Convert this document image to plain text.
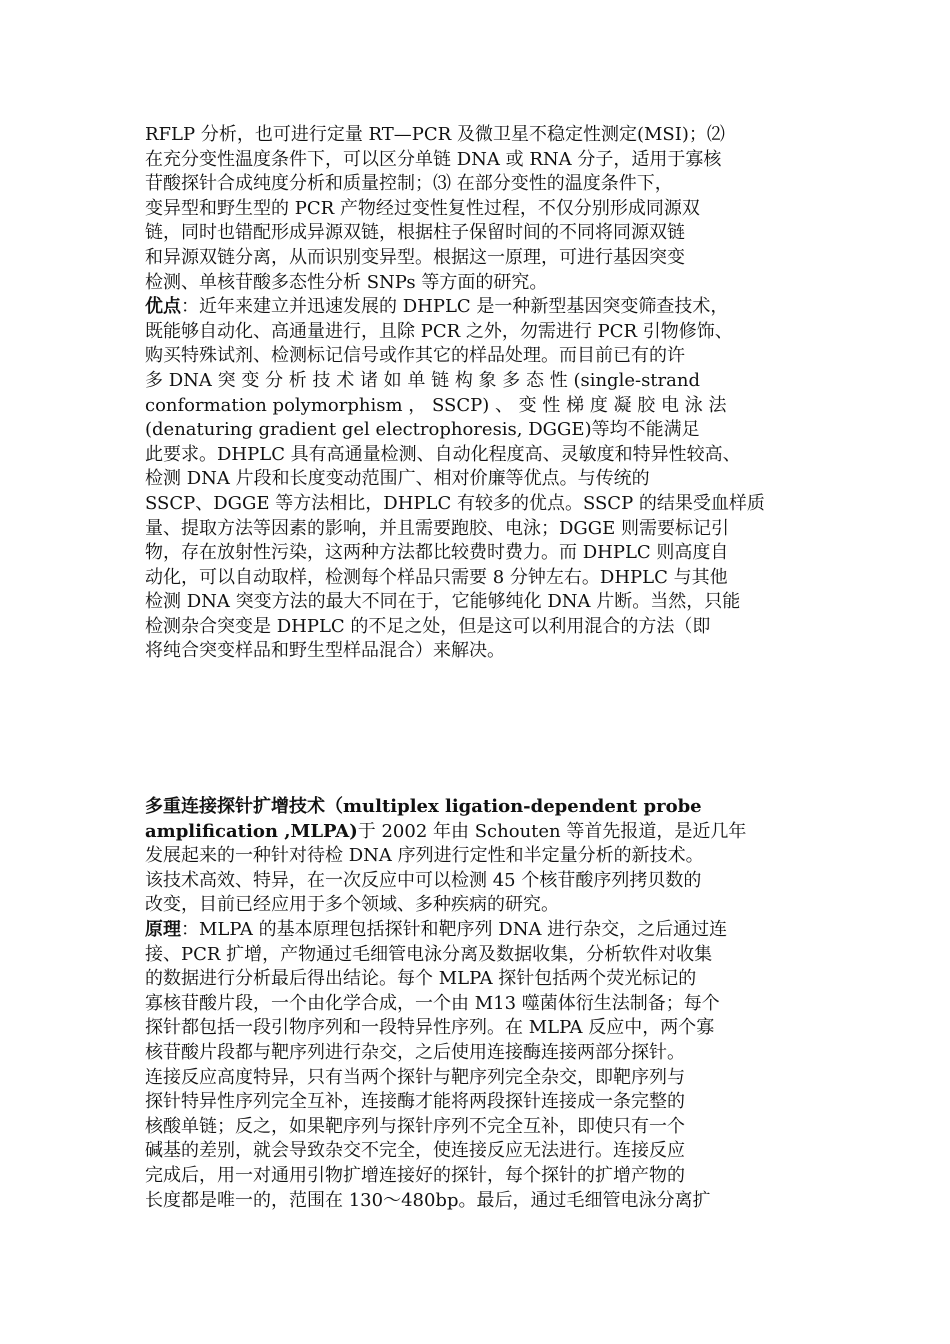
RFLP 分析，也可进行定量 RT—PCR 及微卫星不稳定性测定(MSI)；⑵
在充分变性温度条件下，可以区分单链 DNA 或 RNA 分子，适用于寡核
苷酸探针合成纯度分析和质量控制；⑶ 在部分变性的温度条件下，
变异型和野生型的 PCR 产物经过变性复性过程，不仅分别形成同源双
链，同时也错配形成异源双链，根据柱子保留时间的不同将同源双链
和异源双链分离，从而识别变异型。根据这一原理，可进行基因突变
检测、单核苷酸多态性分析 SNPs 等方面的研究。
优点：近年来建立并迅速发展的 DHPLC 是一种新型基因突变筛查技术，
既能够自动化、高通量进行，且除 PCR 之外，勿需进行 PCR 引物修饰、
购买特殊试剂、检测标记信号或作其它的样品处理。而目前已有的许
多 DNA 突 变 分 析 技 术 诸 如 单 链 构 象 多 态 性 (single-strand
conformation polymorphism ， SSCP) 、 变 性 梯 度 凝 胶 电 泳 法
(denaturing gradient gel electrophoresis, DGGE)等均不能满足
此要求。DHPLC 具有高通量检测、自动化程度高、灵敏度和特异性较高、
检测 DNA 片段和长度变动范围广、相对价廉等优点。与传统的
SSCP、DGGE 等方法相比，DHPLC 有较多的优点。SSCP 的结果受血样质
量、提取方法等因素的影响，并且需要跑胶、电泳；DGGE 则需要标记引
物，存在放射性污染，这两种方法都比较费时费力。而 DHPLC 则高度自
动化，可以自动取样，检测每个样品只需要 8 分钟左右。DHPLC 与其他
检测 DNA 突变方法的最大不同在于，它能够纯化 DNA 片断。当然，只能
检测杂合突变是 DHPLC 的不足之处，但是这可以利用混合的方法（即
将纯合突变样品和野生型样品混合）来解决。
多重连接探针扩增技术（multiplex ligation-dependent probe
amplification ,MLPA)于 2002 年由 Schouten 等首先报道，是近几年
发展起来的一种针对待检 DNA 序列进行定性和半定量分析的新技术。
该技术高效、特异，在一次反应中可以检测 45 个核苷酸序列拷贝数的
改变，目前已经应用于多个领域、多种疾病的研究。
原理：MLPA 的基本原理包括探针和靶序列 DNA 进行杂交，之后通过连
接、PCR 扩增，产物通过毛细管电泳分离及数据收集，分析软件对收集
的数据进行分析最后得出结论。每个 MLPA 探针包括两个荧光标记的
寡核苷酸片段，一个由化学合成，一个由 M13 噬菌体衍生法制备；每个
探针都包括一段引物序列和一段特异性序列。在 MLPA 反应中，两个寡
核苷酸片段都与靶序列进行杂交，之后使用连接酶连接两部分探针。
连接反应高度特异，只有当两个探针与靶序列完全杂交，即靶序列与
探针特异性序列完全互补，连接酶才能将两段探针连接成一条完整的
核酸单链；反之，如果靶序列与探针序列不完全互补，即使只有一个
碱基的差别，就会导致杂交不完全，使连接反应无法进行。连接反应
完成后，用一对通用引物扩增连接好的探针，每个探针的扩增产物的
长度都是唯一的，范围在 130～480bp。最后，通过毛细管电泳分离扩
